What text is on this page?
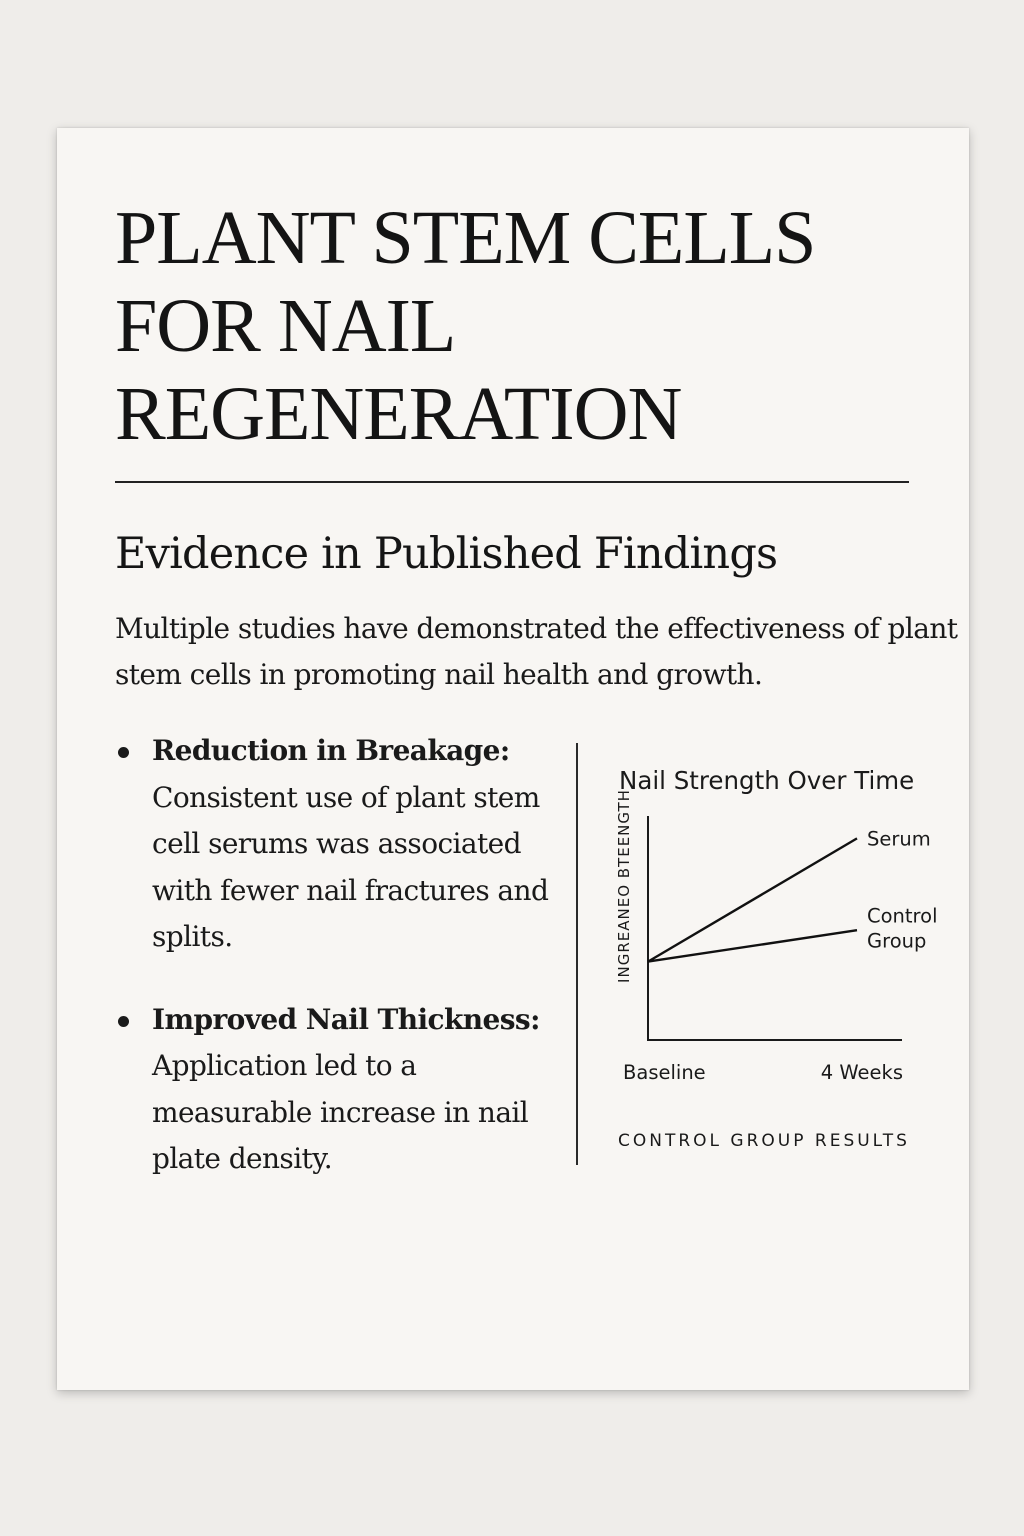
PLANT STEM CELLS
FOR NAIL
REGENERATION
Evidence in Published Findings

Multiple studies have demonstrated the effectiveness of plant stem cells in promoting nail health and growth.

Reduction in Breakage:
Consistent use of plant stem cell serums was associated with fewer nail fractures and splits.
Improved Nail Thickness:
Application led to a measurable increase in nail plate density.
Nail Strength Over Time
INGREANEO BTEENGTH	Serum
Control
Group
Baseline	4 Weeks
CONTROL GROUP RESULTS
